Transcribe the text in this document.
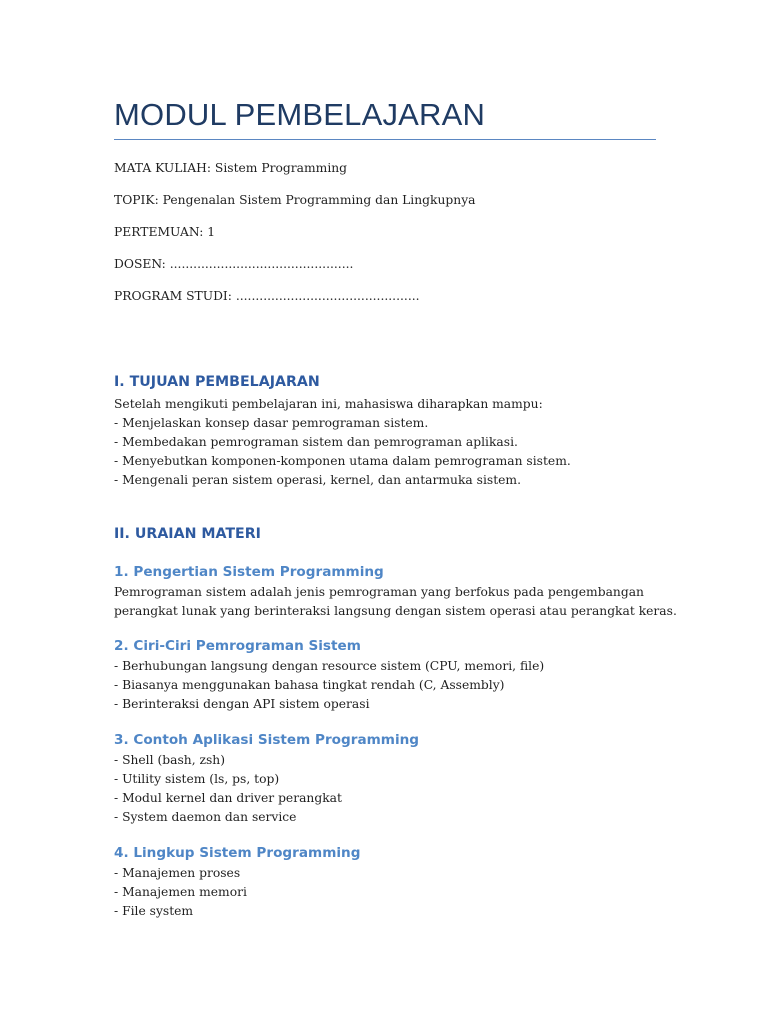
MODUL PEMBELAJARAN
MATA KULIAH: Sistem Programming
TOPIK: Pengenalan Sistem Programming dan Lingkupnya
PERTEMUAN: 1
DOSEN: ...............................................
PROGRAM STUDI: ...............................................
I. TUJUAN PEMBELAJARAN
Setelah mengikuti pembelajaran ini, mahasiswa diharapkan mampu:
- Menjelaskan konsep dasar pemrograman sistem.
- Membedakan pemrograman sistem dan pemrograman aplikasi.
- Menyebutkan komponen-komponen utama dalam pemrograman sistem.
- Mengenali peran sistem operasi, kernel, dan antarmuka sistem.
II. URAIAN MATERI
1. Pengertian Sistem Programming
Pemrograman sistem adalah jenis pemrograman yang berfokus pada pengembangan
perangkat lunak yang berinteraksi langsung dengan sistem operasi atau perangkat keras.
2. Ciri-Ciri Pemrograman Sistem
- Berhubungan langsung dengan resource sistem (CPU, memori, file)
- Biasanya menggunakan bahasa tingkat rendah (C, Assembly)
- Berinteraksi dengan API sistem operasi
3. Contoh Aplikasi Sistem Programming
- Shell (bash, zsh)
- Utility sistem (ls, ps, top)
- Modul kernel dan driver perangkat
- System daemon dan service
4. Lingkup Sistem Programming
- Manajemen proses
- Manajemen memori
- File system
